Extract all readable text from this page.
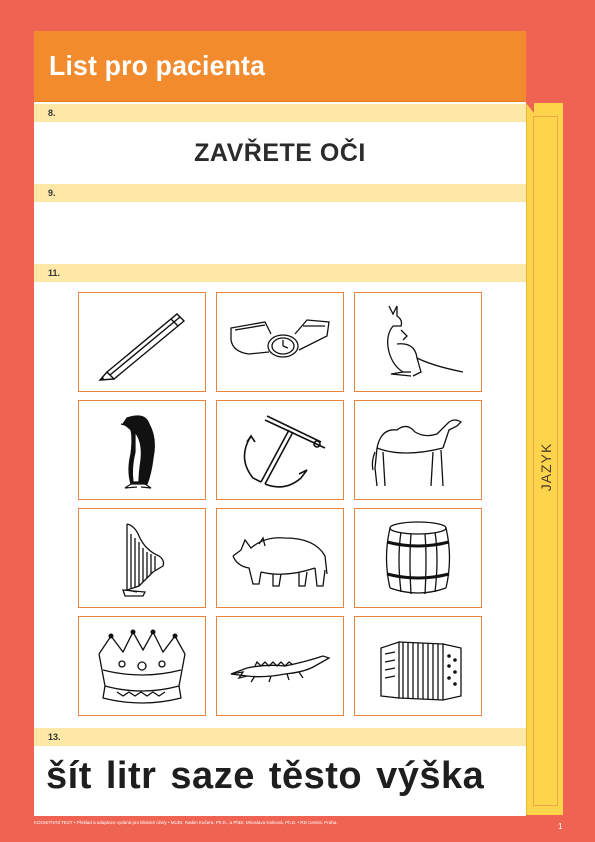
JAZYK
List pro pacienta
8.
ZAVŘETE OČI
9.
11.
13.
šít litr saze těsto výška
KOGNITIVNÍ TEST • Překlad a adaptace vydaná pro klinické účely • MUDr. Radim Kučera, Ph.D., a PhDr. Miroslava Kalnová, Ph.D. • RD Centra, Praha.	1
